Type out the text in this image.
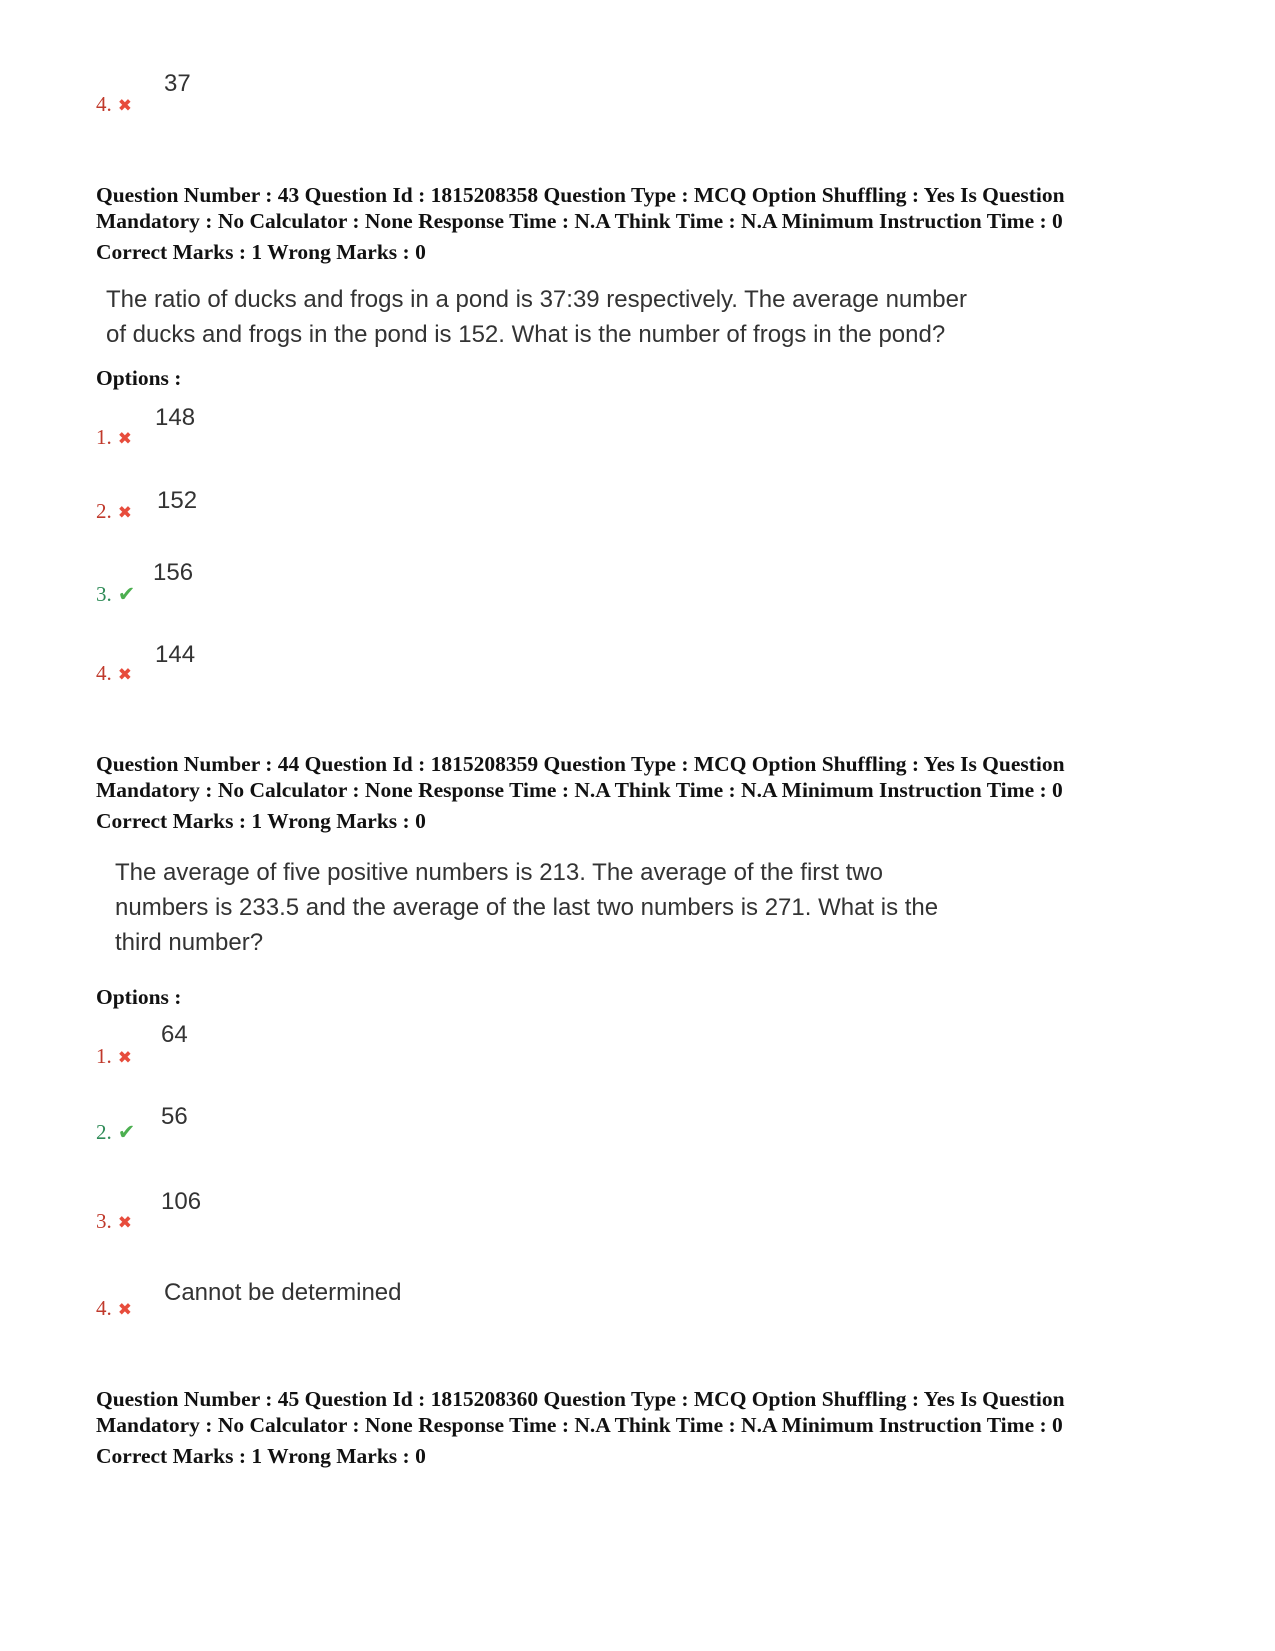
4. ✖
37
Question Number : 43 Question Id : 1815208358 Question Type : MCQ Option Shuffling : Yes Is Question
Mandatory : No Calculator : None Response Time : N.A Think Time : N.A Minimum Instruction Time : 0
Correct Marks : 1 Wrong Marks : 0
The ratio of ducks and frogs in a pond is 37:39 respectively. The average number
of ducks and frogs in the pond is 152. What is the number of frogs in the pond?
Options :
1. ✖
148
2. ✖ 152
3. ✔
156
4. ✖
144
Question Number : 44 Question Id : 1815208359 Question Type : MCQ Option Shuffling : Yes Is Question
Mandatory : No Calculator : None Response Time : N.A Think Time : N.A Minimum Instruction Time : 0
Correct Marks : 1 Wrong Marks : 0
The average of five positive numbers is 213. The average of the first two
numbers is 233.5 and the average of the last two numbers is 271. What is the
third number?
Options :
1. ✖
64
2. ✔
56
3. ✖
106
4. ✖
Cannot be determined
Question Number : 45 Question Id : 1815208360 Question Type : MCQ Option Shuffling : Yes Is Question
Mandatory : No Calculator : None Response Time : N.A Think Time : N.A Minimum Instruction Time : 0
Correct Marks : 1 Wrong Marks : 0
